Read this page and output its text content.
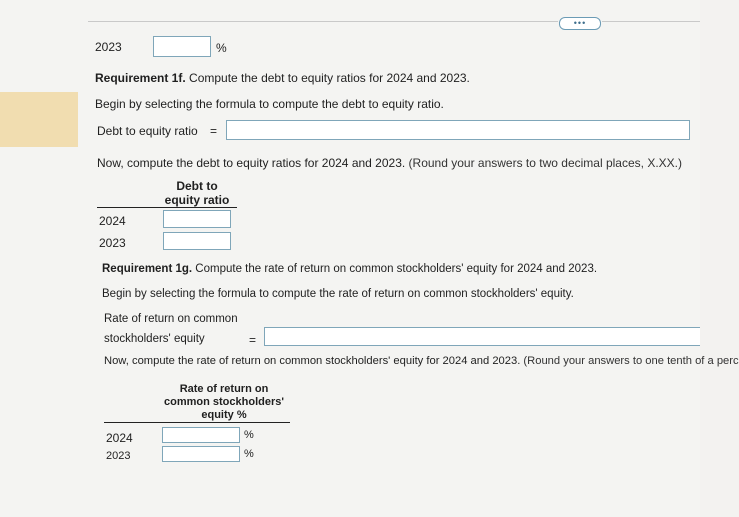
•••
2023	%
Requirement 1f. Compute the debt to equity ratios for 2024 and 2023.
Begin by selecting the formula to compute the debt to equity ratio.
Debt to equity ratio =
Now, compute the debt to equity ratios for 2024 and 2023. (Round your answers to two decimal places, X.XX.)
Debt to
equity ratio
2024
2023
Requirement 1g. Compute the rate of return on common stockholders' equity for 2024 and 2023.
Begin by selecting the formula to compute the rate of return on common stockholders' equity.
Rate of return on common
stockholders' equity	=
Now, compute the rate of return on common stockholders' equity for 2024 and 2023. (Round your answers to one tenth of a perc
Rate of return on
common stockholders'
equity %
2024	%
2023	%
